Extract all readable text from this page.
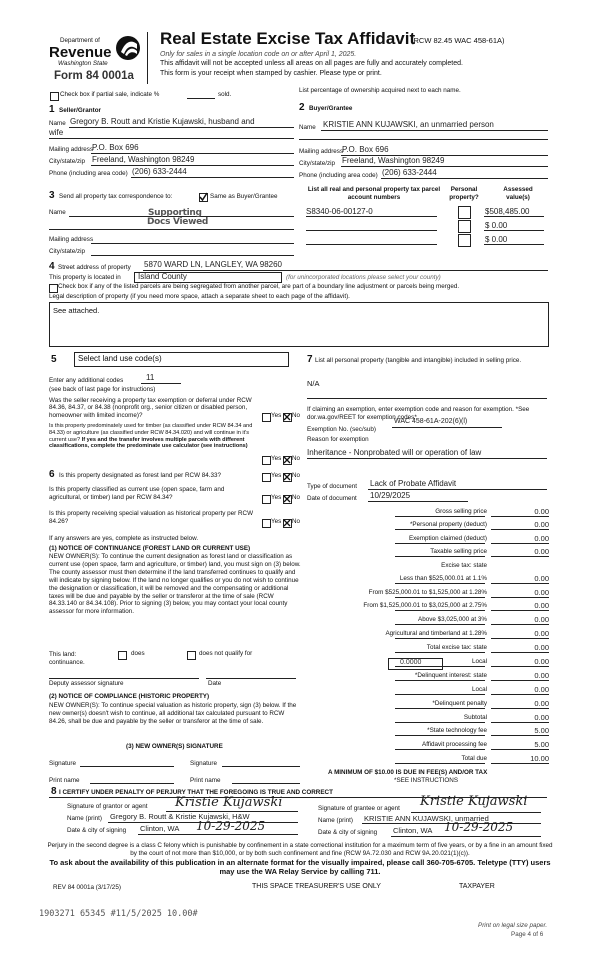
Department of
Revenue
Washington State
Form 84 0001a
Real Estate Excise Tax Affidavit
(RCW 82.45 WAC 458-61A)
Only for sales in a single location code on or after April 1, 2025.
This affidavit will not be accepted unless all areas on all pages are fully and accurately completed.
This form is your receipt when stamped by cashier. Please type or print.
Check box if partial sale, indicate %	sold.
List percentage of ownership acquired next to each name.
1 Seller/Grantor
Name Gregory B. Routt and Kristie Kujawski, husband and
wife
Mailing address
P.O. Box 696
City/state/zip Freeland, Washington 98249
Phone (including area code) (206) 633-2444
2 Buyer/Grantee
Name KRISTIE ANN KUJAWSKI, an unmarried person
Mailing address
P.O. Box 696
City/state/zip Freeland, Washington 98249
Phone (including area code) (206) 633-2444
3 Send all property tax correspondence to:	Same as Buyer/Grantee
Name	Supporting
Docs Viewed
Mailing address
City/state/zip
List all real and personal property tax parcel account numbers
Personal property?
Assessed value(s)
S8340-06-00127-0	$508,485.00
$ 0.00
$ 0.00
4 Street address of property 5870 WARD LN, LANGLEY, WA 98260
This property is located in Island County	(for unincorporated locations please select your county)
Check box if any of the listed parcels are being segregated from another parcel, are part of a boundary line adjustment or parcels being merged.
Legal description of property (if you need more space, attach a separate sheet to each page of the affidavit).
See attached.
5	Select land use code(s)
Enter any additional codes	11
(see back of last page for instructions)
Was the seller receiving a property tax exemption or deferral under RCW 84.36, 84.37, or 84.38 (nonprofit org., senior citizen or disabled person, homeowner with limited income)?	Yes No
Is this property predominately used for timber (as classified under RCW 84.34 and 84.33) or agriculture (as classified under RCW 84.34.020) and will continue in it's current use? If yes and the transfer involves multiple parcels with different classifications, complete the predominate use calculator (see instructions)
Yes No
6 Is this property designated as forest land per RCW 84.33?	Yes No
Is this property classified as current use (open space, farm and agricultural, or timber) land per RCW 84.34?	Yes No
Is this property receiving special valuation as historical property per RCW 84.26?	Yes No
If any answers are yes, complete as instructed below.
(1) NOTICE OF CONTINUANCE (FOREST LAND OR CURRENT USE)
NEW OWNER(S): To continue the current designation as forest land or classification as current use (open space, farm and agriculture, or timber) land, you must sign on (3) below. The county assessor must then determine if the land transferred continues to qualify and will indicate by signing below. If the land no longer qualifies or you do not wish to continue the designation or classification, it will be removed and the compensating or additional taxes will be due and payable by the seller or transferor at the time of sale (RCW 84.33.140 or 84.34.108). Prior to signing (3) below, you may contact your local county assessor for more information.
This land:
continuance.
does	does not qualify for
Deputy assessor signature	Date
(2) NOTICE OF COMPLIANCE (HISTORIC PROPERTY)
NEW OWNER(S): To continue special valuation as historic property, sign (3) below. If the new owner(s) doesn't wish to continue, all additional tax calculated pursuant to RCW 84.26, shall be due and payable by the seller or transferor at the time of sale.
(3) NEW OWNER(S) SIGNATURE
Signature	Signature
Print name	Print name
7 List all personal property (tangible and intangible) included in selling price.
N/A
If claiming an exemption, enter exemption code and reason for exemption. *See dor.wa.gov/REET for exemption codes*
Exemption No. (sec/sub)
WAC 458-61A-202(6)(l)
Reason for exemption
Inheritance - Nonprobated will or operation of law
Type of document Lack of Probate Affidavit
Date of document 10/29/2025
Gross selling price	0.00
*Personal property (deduct)	0.00
Exemption claimed (deduct)	0.00
Taxable selling price	0.00
Excise tax: state
Less than $525,000.01 at 1.1%	0.00
From $525,000.01 to $1,525,000 at 1.28%	0.00
From $1,525,000.01 to $3,025,000 at 2.75%	0.00
Above $3,025,000 at 3%	0.00
Agricultural and timberland at 1.28%	0.00
Total excise tax: state	0.00
Local	0.00
*Delinquent interest: state	0.00
Local	0.00
*Delinquent penalty	0.00
Subtotal	0.00
*State technology fee	5.00
Affidavit processing fee	5.00
Total due	10.00
0.0000
A MINIMUM OF $10.00 IS DUE IN FEE(S) AND/OR TAX
*SEE INSTRUCTIONS
8 I CERTIFY UNDER PENALTY OF PERJURY THAT THE FOREGOING IS TRUE AND CORRECT
Signature of grantor or agent Kristie Kujawski
Name (print) Gregory B. Routt & Kristie Kujawski, H&W
Date & city of signing Clinton, WA 10-29-2025
Signature of grantee or agent Kristie Kujawski
Name (print) KRISTIE ANN KUJAWSKI, unmarried
Date & city of signing Clinton, WA 10-29-2025
Perjury in the second degree is a class C felony which is punishable by confinement in a state correctional institution for a maximum term of five years, or by a fine in an amount fixed by the court of not more than $10,000, or by both such confinement and fine (RCW 9A.72.030 and RCW 9A.20.021(1)(c)).
To ask about the availability of this publication in an alternate format for the visually impaired, please call 360-705-6705. Teletype (TTY) users may use the WA Relay Service by calling 711.
REV 84 0001a (3/17/25)	THIS SPACE TREASURER'S USE ONLY	TAXPAYER
1903271 65345 #11/5/2025 10.00#
Print on legal size paper.
Page 4 of 6
